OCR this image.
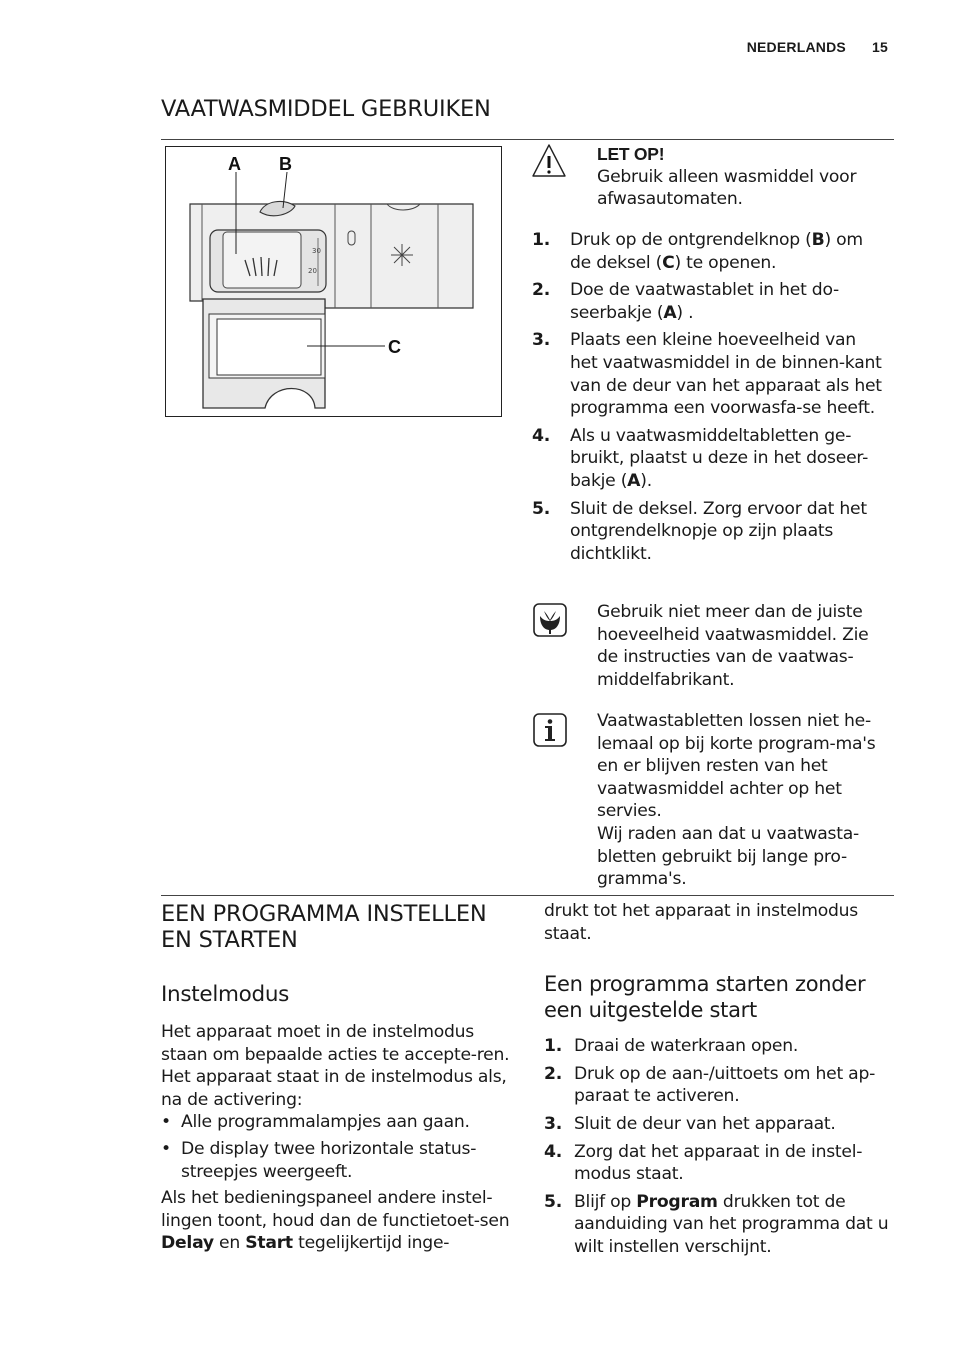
NEDERLANDS 15
VAATWASMIDDEL GEBRUIKEN
30
20
A B
C
LET OP!
Gebruik alleen wasmiddel voor afwasautomaten.
1. Druk op de ontgrendelknop (B) om de deksel (C) te openen.
2. Doe de vaatwastablet in het do-seerbakje (A) .
3. Plaats een kleine hoeveelheid van het vaatwasmiddel in de binnen-kant van de deur van het apparaat als het programma een voorwasfa-se heeft.
4. Als u vaatwasmiddeltabletten ge-bruikt, plaatst u deze in het doseer-bakje (A).
5. Sluit de deksel. Zorg ervoor dat het ontgrendelknopje op zijn plaats dichtklikt.
Gebruik niet meer dan de juiste hoeveelheid vaatwasmiddel. Zie de instructies van de vaatwas-middelfabrikant.
Vaatwastabletten lossen niet he-lemaal op bij korte program-ma's en er blijven resten van het vaatwasmiddel achter op het servies.
Wij raden aan dat u vaatwasta-bletten gebruikt bij lange pro-gramma's.
EEN PROGRAMMA INSTELLEN
EN STARTEN
Instelmodus

Het apparaat moet in de instelmodus staan om bepaalde acties te accepte-ren.

Het apparaat staat in de instelmodus als, na de activering:

• Alle programmalampjes aan gaan.
• De display twee horizontale status-streepjes weergeeft.

Als het bedieningspaneel andere instel-lingen toont, houd dan de functietoet-sen Delay en Start tegelijkertijd inge-

drukt tot het apparaat in instelmodus staat.

Een programma starten zonder een uitgestelde start
1. Draai de waterkraan open.
2. Druk op de aan-/uittoets om het ap-paraat te activeren.
3. Sluit de deur van het apparaat.
4. Zorg dat het apparaat in de instel-modus staat.
5. Blijf op Program drukken tot de aanduiding van het programma dat u wilt instellen verschijnt.
